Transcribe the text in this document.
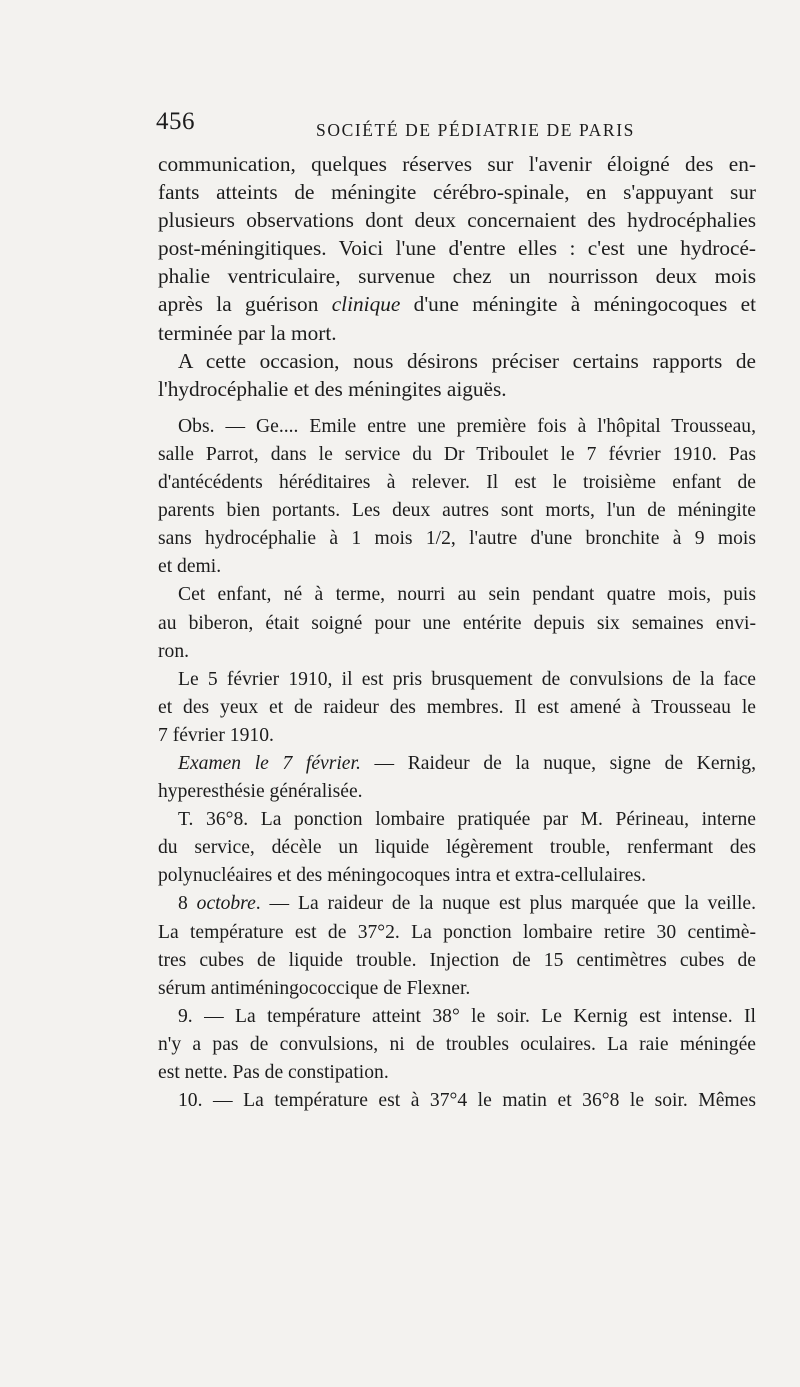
456	SOCIÉTÉ DE PÉDIATRIE DE PARIS
communication, quelques réserves sur l'avenir éloigné des en-
fants atteints de méningite cérébro-spinale, en s'appuyant sur
plusieurs observations dont deux concernaient des hydrocéphalies
post-méningitiques. Voici l'une d'entre elles : c'est une hydrocé-
phalie ventriculaire, survenue chez un nourrisson deux mois
après la guérison clinique d'une méningite à méningocoques et
terminée par la mort.
A cette occasion, nous désirons préciser certains rapports de
l'hydrocéphalie et des méningites aiguës.
Obs. — Ge.... Emile entre une première fois à l'hôpital Trousseau,
salle Parrot, dans le service du Dr Triboulet le 7 février 1910. Pas
d'antécédents héréditaires à relever. Il est le troisième enfant de
parents bien portants. Les deux autres sont morts, l'un de méningite
sans hydrocéphalie à 1 mois 1/2, l'autre d'une bronchite à 9 mois
et demi.
Cet enfant, né à terme, nourri au sein pendant quatre mois, puis
au biberon, était soigné pour une entérite depuis six semaines envi-
ron.
Le 5 février 1910, il est pris brusquement de convulsions de la face
et des yeux et de raideur des membres. Il est amené à Trousseau le
7 février 1910.
Examen le 7 février. — Raideur de la nuque, signe de Kernig,
hyperesthésie généralisée.
T. 36°8. La ponction lombaire pratiquée par M. Périneau, interne
du service, décèle un liquide légèrement trouble, renfermant des
polynucléaires et des méningocoques intra et extra-cellulaires.
8 octobre. — La raideur de la nuque est plus marquée que la veille.
La température est de 37°2. La ponction lombaire retire 30 centimè-
tres cubes de liquide trouble. Injection de 15 centimètres cubes de
sérum antiméningococcique de Flexner.
9. — La température atteint 38° le soir. Le Kernig est intense. Il
n'y a pas de convulsions, ni de troubles oculaires. La raie méningée
est nette. Pas de constipation.
10. — La température est à 37°4 le matin et 36°8 le soir. Mêmes
